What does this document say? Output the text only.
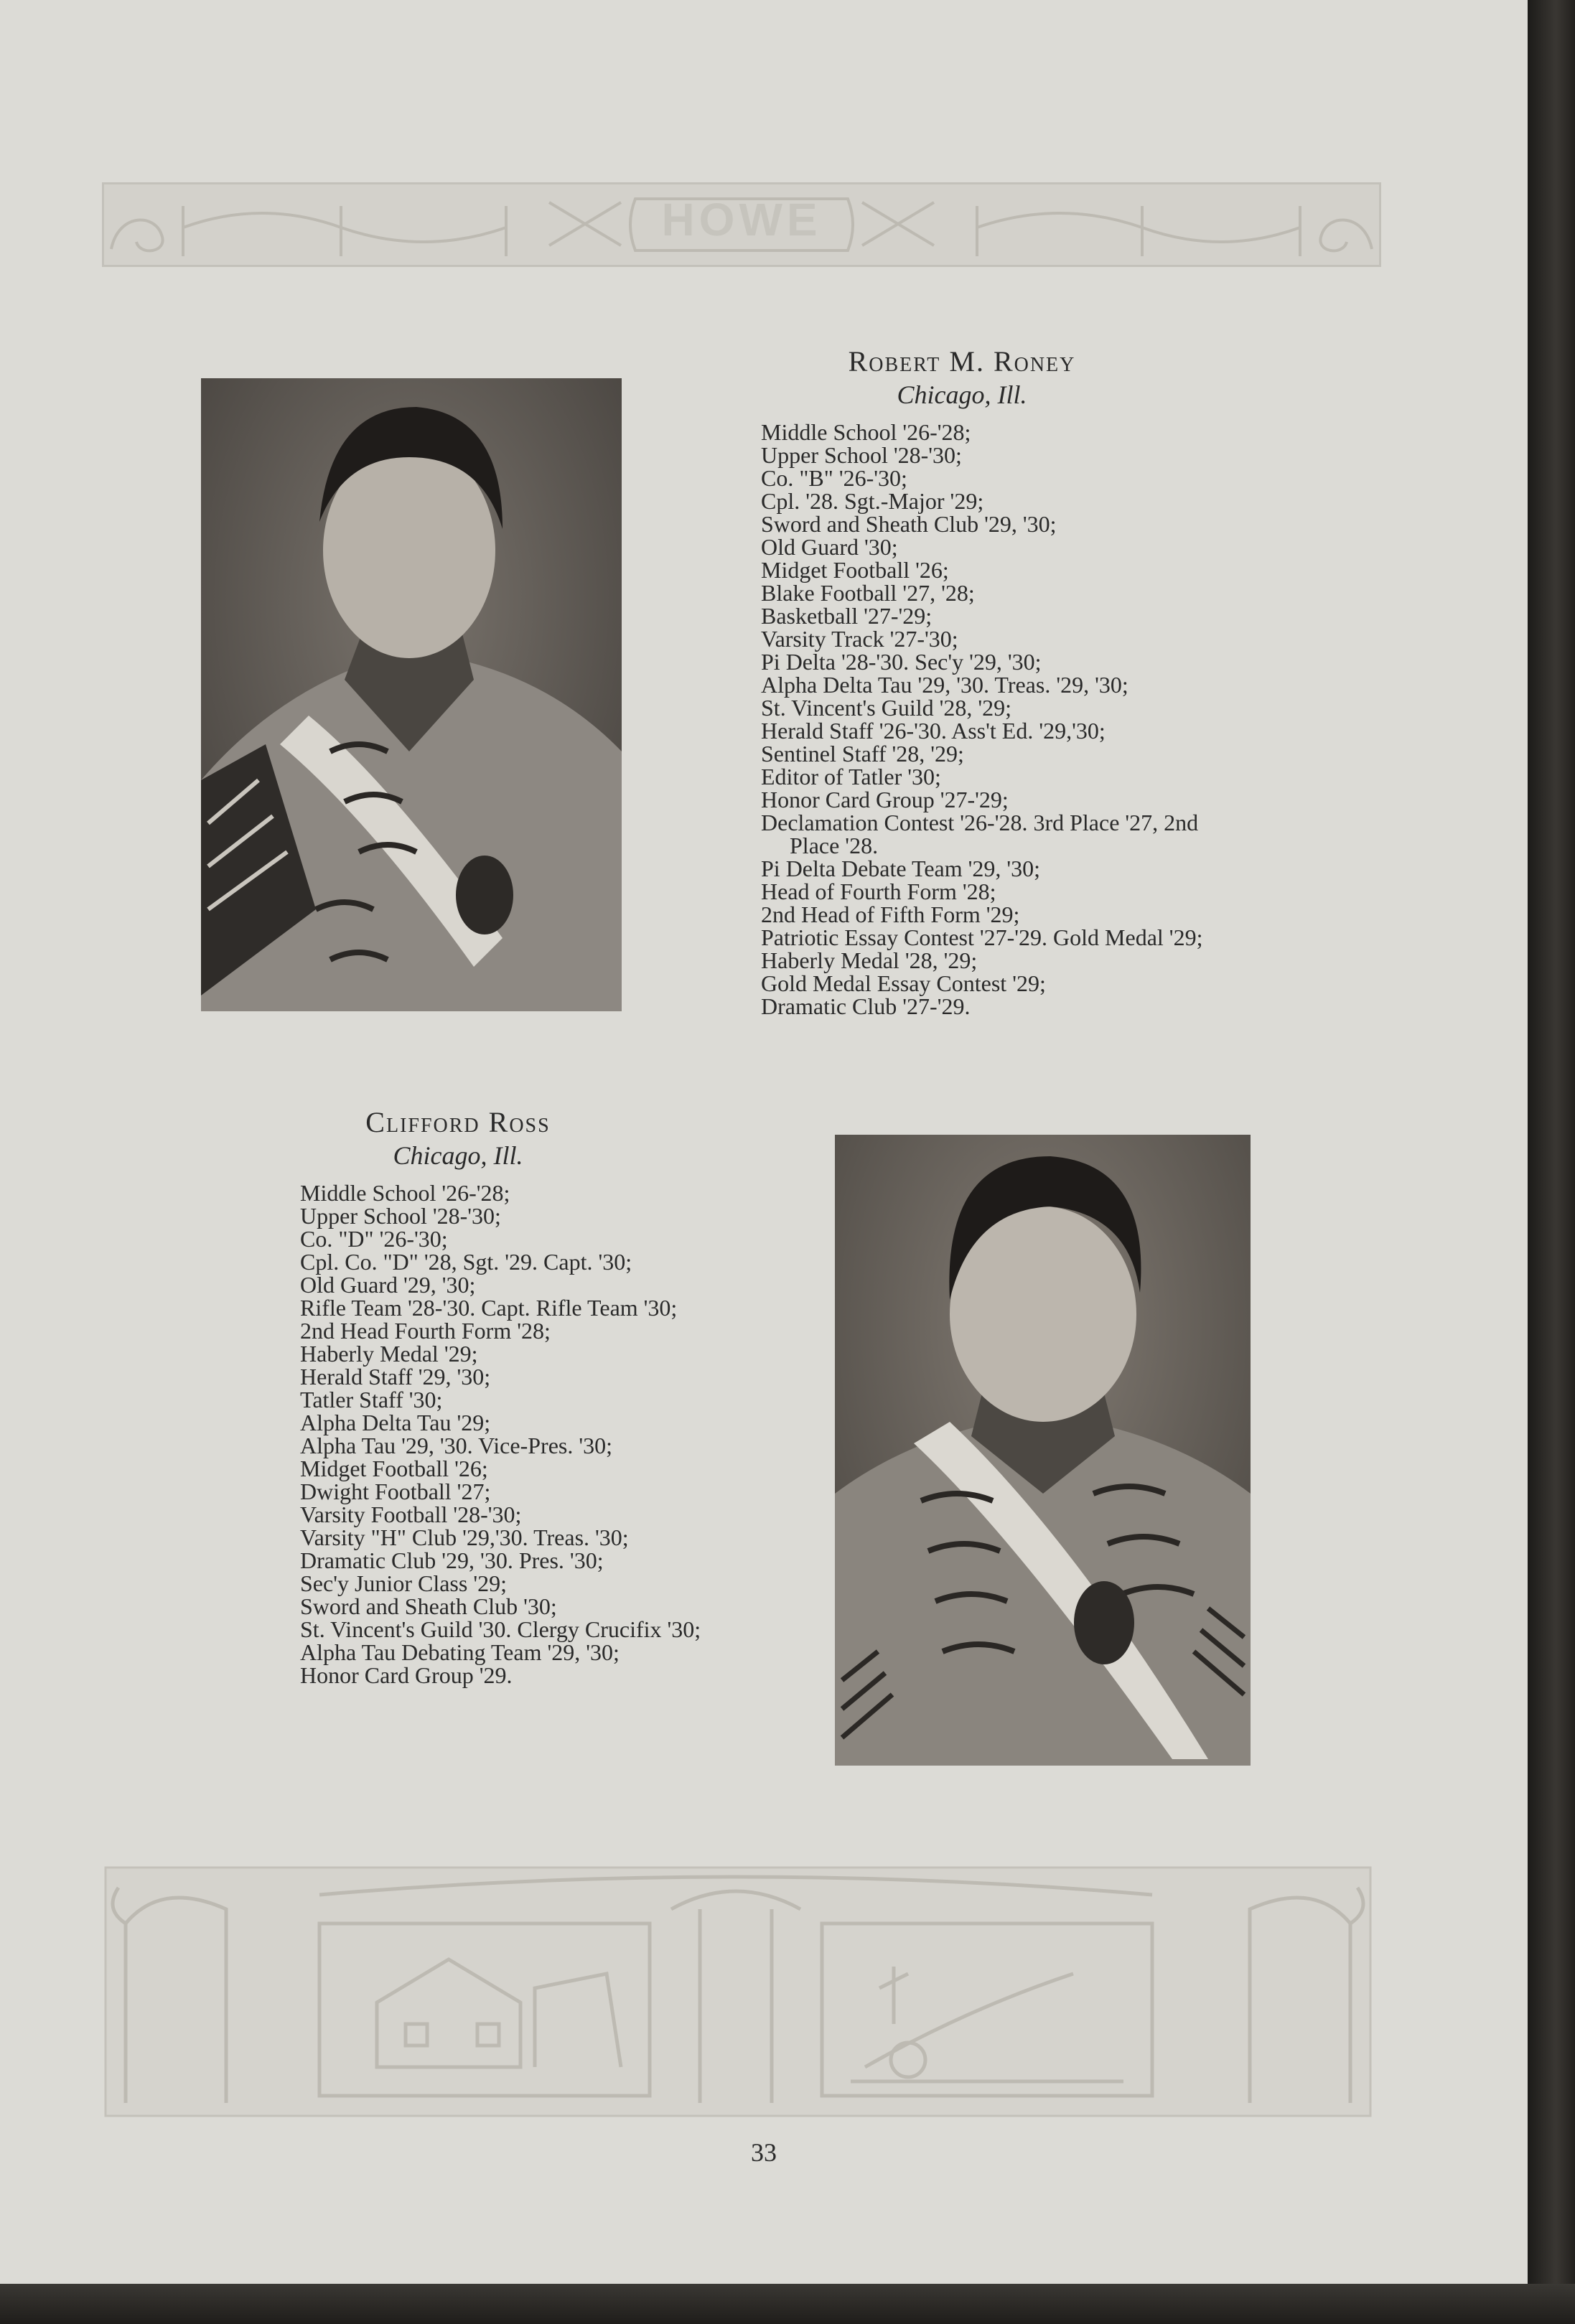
HOWE
Robert M. Roney
Chicago, Ill.
Middle School '26-'28;
Upper School '28-'30;
Co. "B" '26-'30;
Cpl. '28. Sgt.-Major '29;
Sword and Sheath Club '29, '30;
Old Guard '30;
Midget Football '26;
Blake Football '27, '28;
Basketball '27-'29;
Varsity Track '27-'30;
Pi Delta '28-'30. Sec'y '29, '30;
Alpha Delta Tau '29, '30. Treas. '29, '30;
St. Vincent's Guild '28, '29;
Herald Staff '26-'30. Ass't Ed. '29,'30;
Sentinel Staff '28, '29;
Editor of Tatler '30;
Honor Card Group '27-'29;
Declamation Contest '26-'28. 3rd Place '27, 2nd Place '28.
Pi Delta Debate Team '29, '30;
Head of Fourth Form '28;
2nd Head of Fifth Form '29;
Patriotic Essay Contest '27-'29. Gold Medal '29;
Haberly Medal '28, '29;
Gold Medal Essay Contest '29;
Dramatic Club '27-'29.
Clifford Ross
Chicago, Ill.
Middle School '26-'28;
Upper School '28-'30;
Co. "D" '26-'30;
Cpl. Co. "D" '28, Sgt. '29. Capt. '30;
Old Guard '29, '30;
Rifle Team '28-'30. Capt. Rifle Team '30;
2nd Head Fourth Form '28;
Haberly Medal '29;
Herald Staff '29, '30;
Tatler Staff '30;
Alpha Delta Tau '29;
Alpha Tau '29, '30. Vice-Pres. '30;
Midget Football '26;
Dwight Football '27;
Varsity Football '28-'30;
Varsity "H" Club '29,'30. Treas. '30;
Dramatic Club '29, '30. Pres. '30;
Sec'y Junior Class '29;
Sword and Sheath Club '30;
St. Vincent's Guild '30. Clergy Crucifix '30;
Alpha Tau Debating Team '29, '30;
Honor Card Group '29.
33
